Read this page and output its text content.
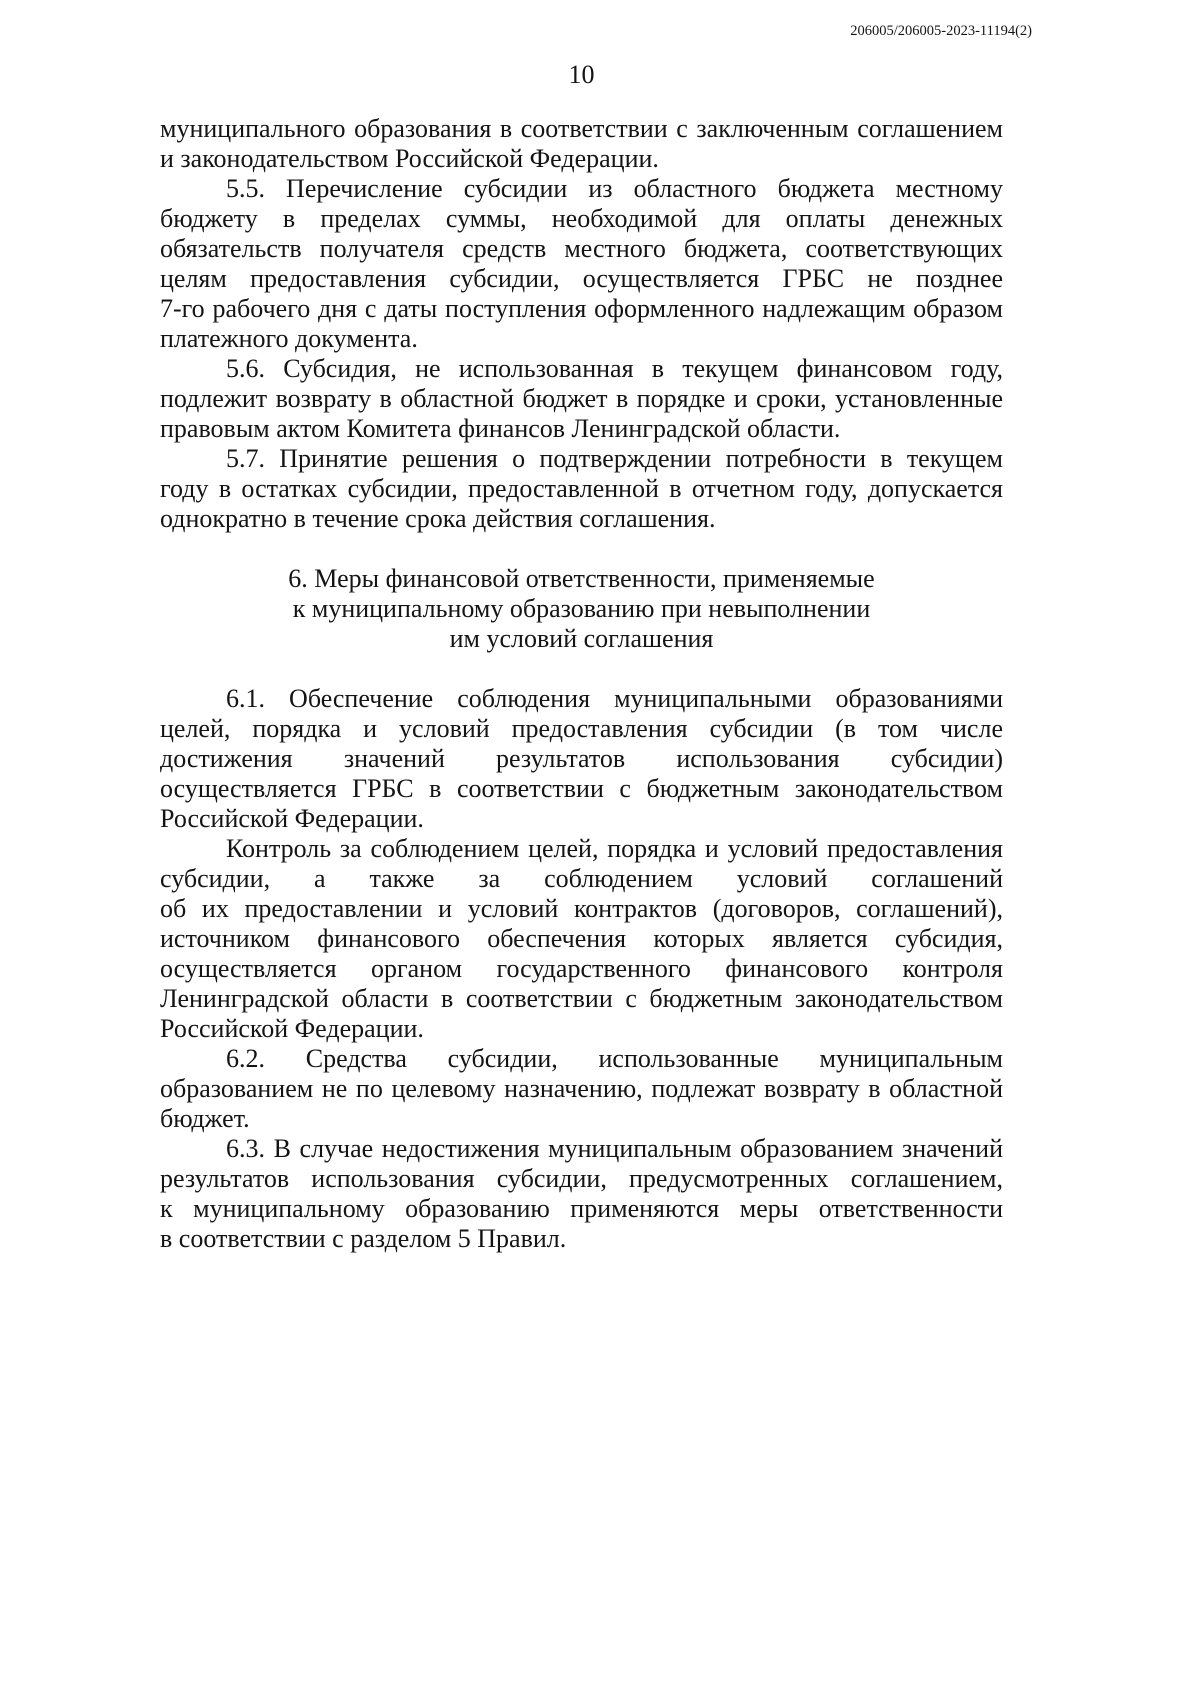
206005/206005-2023-11194(2)
10
муниципального образования в соответствии с заключенным соглашением
и законодательством Российской Федерации.
5.5. Перечисление субсидии из областного бюджета местному
бюджету в пределах суммы, необходимой для оплаты денежных
обязательств получателя средств местного бюджета, соответствующих
целям предоставления субсидии, осуществляется ГРБС не позднее
7-го рабочего дня с даты поступления оформленного надлежащим образом
платежного документа.
5.6. Субсидия, не использованная в текущем финансовом году,
подлежит возврату в областной бюджет в порядке и сроки, установленные
правовым актом Комитета финансов Ленинградской области.
5.7. Принятие решения о подтверждении потребности в текущем
году в остатках субсидии, предоставленной в отчетном году, допускается
однократно в течение срока действия соглашения.
6. Меры финансовой ответственности, применяемые
к муниципальному образованию при невыполнении
им условий соглашения
6.1. Обеспечение соблюдения муниципальными образованиями
целей, порядка и условий предоставления субсидии (в том числе
достижения значений результатов использования субсидии)
осуществляется ГРБС в соответствии с бюджетным законодательством
Российской Федерации.
Контроль за соблюдением целей, порядка и условий предоставления
субсидии, а также за соблюдением условий соглашений
об их предоставлении и условий контрактов (договоров, соглашений),
источником финансового обеспечения которых является субсидия,
осуществляется органом государственного финансового контроля
Ленинградской области в соответствии с бюджетным законодательством
Российской Федерации.
6.2. Средства субсидии, использованные муниципальным
образованием не по целевому назначению, подлежат возврату в областной
бюджет.
6.3. В случае недостижения муниципальным образованием значений
результатов использования субсидии, предусмотренных соглашением,
к муниципальному образованию применяются меры ответственности
в соответствии с разделом 5 Правил.
